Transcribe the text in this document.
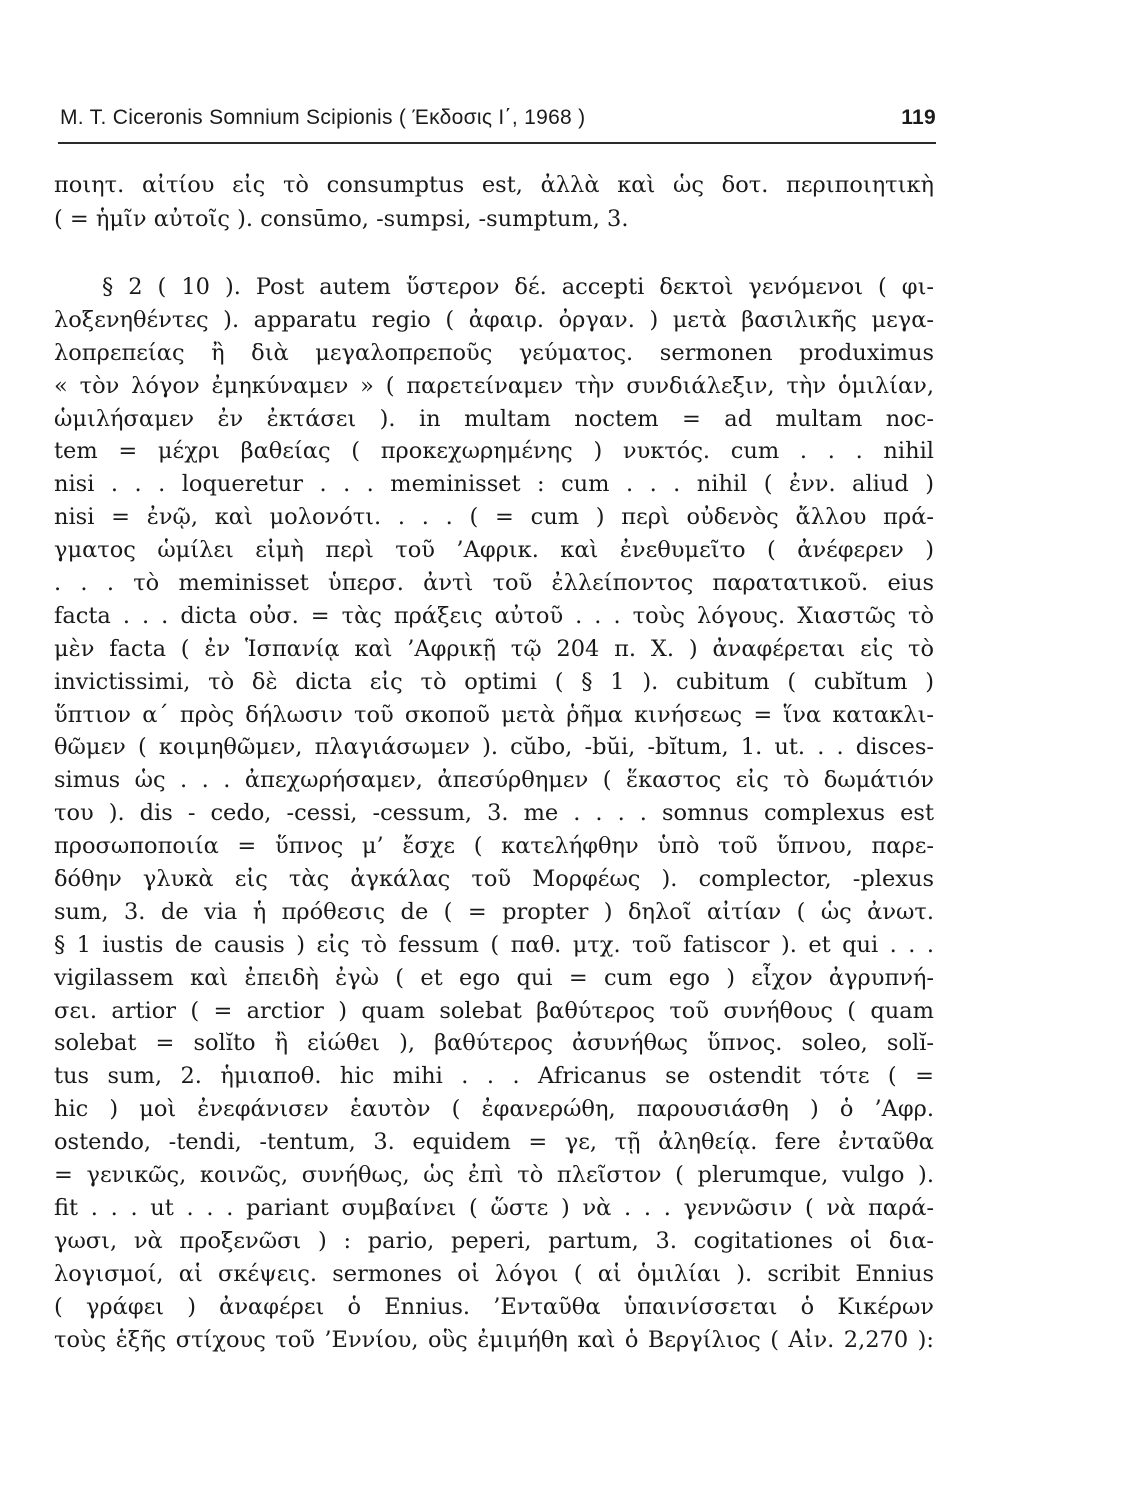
M. T. Ciceronis Somnium Scipionis ( Έκδοσις Ι΄, 1968 )	119
ποιητ. αἰτίου εἰς τὸ consumptus est, ἀλλὰ καὶ ὡς δοτ. περιποιητικὴ
( = ἡμῖν αὐτοῖς ). consūmo, -sumpsi, -sumptum, 3.
§ 2 ( 10 ). Post autem ὕστερον δέ. accepti δεκτοὶ γενόμενοι ( φι-
λοξενηθέντες ). apparatu regio ( ἀφαιρ. ὀργαν. ) μετὰ βασιλικῆς μεγα-
λοπρεπείας ἢ διὰ μεγαλοπρεποῦς γεύματος. sermonen produximus
« τὸν λόγον ἐμηκύναμεν » ( παρετείναμεν τὴν συνδιάλεξιν, τὴν ὁμιλίαν,
ὡμιλήσαμεν ἐν ἐκτάσει ). in multam noctem = ad multam noc-
tem = μέχρι βαθείας ( προκεχωρημένης ) νυκτός. cum . . . nihil
nisi . . . loqueretur . . . meminisset : cum . . . nihil ( ἐνν. aliud )
nisi = ἐνῷ, καὶ μολονότι. . . . ( = cum ) περὶ οὐδενὸς ἄλλου πρά-
γματος ὡμίλει εἰμὴ περὶ τοῦ ’Αφρικ. καὶ ἐνεθυμεῖτο ( ἀνέφερεν )
. . . τὸ meminisset ὑπερσ. ἀντὶ τοῦ ἐλλείποντος παρατατικοῦ. eius
facta . . . dicta οὐσ. = τὰς πράξεις αὐτοῦ . . . τοὺς λόγους. Χιαστῶς τὸ
μὲν facta ( ἐν Ἱσπανίᾳ καὶ ’Αφρικῇ τῷ 204 π. Χ. ) ἀναφέρεται εἰς τὸ
invictissimi, τὸ δὲ dicta εἰς τὸ optimi ( § 1 ). cubitum ( cubĭtum )
ὕπτιον α΄ πρὸς δήλωσιν τοῦ σκοποῦ μετὰ ῥῆμα κινήσεως = ἵνα κατακλι-
θῶμεν ( κοιμηθῶμεν, πλαγιάσωμεν ). cŭbo, -bŭi, -bĭtum, 1. ut. . . disces-
simus ὡς . . . ἀπεχωρήσαμεν, ἀπεσύρθημεν ( ἕκαστος εἰς τὸ δωμάτιόν
του ). dis - cedo, -cessi, -cessum, 3. me . . . . somnus complexus est
προσωποποιία = ὕπνος μ’ ἔσχε ( κατελήφθην ὑπὸ τοῦ ὕπνου, παρε-
δόθην γλυκὰ εἰς τὰς ἀγκάλας τοῦ Μορφέως ). complector, -plexus
sum, 3. de via ἡ πρόθεσις de ( = propter ) δηλοῖ αἰτίαν ( ὡς ἀνωτ.
§ 1 iustis de causis ) εἰς τὸ fessum ( παθ. μτχ. τοῦ fatiscor ). et qui . . .
vigilassem καὶ ἐπειδὴ ἐγὼ ( et ego qui = cum ego ) εἶχον ἀγρυπνή-
σει. artior ( = arctior ) quam solebat βαθύτερος τοῦ συνήθους ( quam
solebat = solĭto ἢ εἰώθει ), βαθύτερος ἀσυνήθως ὕπνος. soleo, solĭ-
tus sum, 2. ἡμιαποθ. hic mihi . . . Africanus se ostendit τότε ( =
hic ) μοὶ ἐνεφάνισεν ἑαυτὸν ( ἐφανερώθη, παρουσιάσθη ) ὁ ’Αφρ.
ostendo, -tendi, -tentum, 3. equidem = γε, τῇ ἀληθείᾳ. fere ἐνταῦθα
= γενικῶς, κοινῶς, συνήθως, ὡς ἐπὶ τὸ πλεῖστον ( plerumque, vulgo ).
fit . . . ut . . . pariant συμβαίνει ( ὥστε ) νὰ . . . γεννῶσιν ( νὰ παρά-
γωσι, νὰ προξενῶσι ) : pario, peperi, partum, 3. cogitationes οἱ δια-
λογισμοί, αἱ σκέψεις. sermones οἱ λόγοι ( αἱ ὁμιλίαι ). scribit Ennius
( γράφει ) ἀναφέρει ὁ Ennius. ’Ενταῦθα ὑπαινίσσεται ὁ Κικέρων
τοὺς ἑξῆς στίχους τοῦ ’Εννίου, οὓς ἐμιμήθη καὶ ὁ Βεργίλιος ( Αἰν. 2,270 ):
